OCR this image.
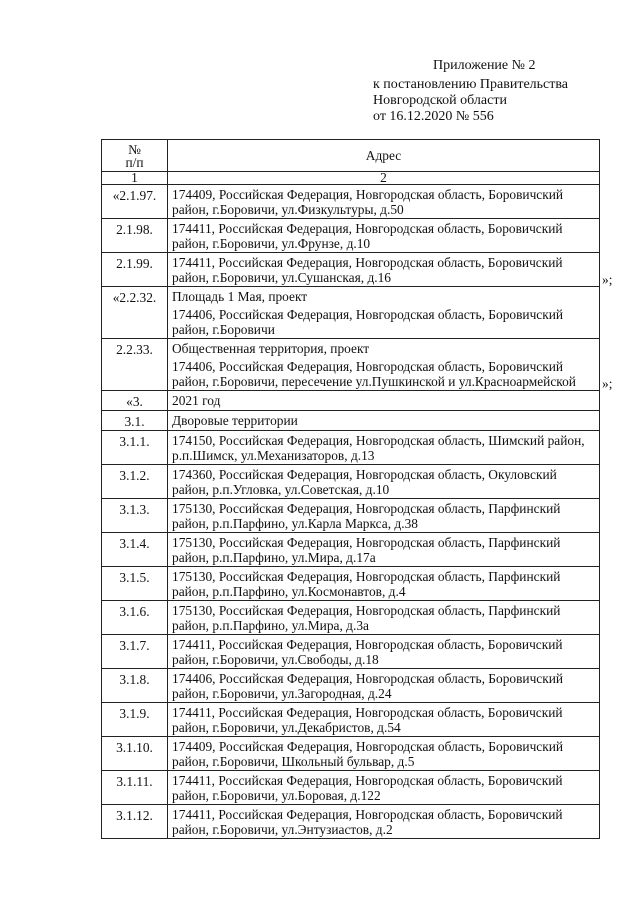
Приложение № 2
к постановлению Правительства
Новгородской области
от 16.12.2020 № 556
№
п/п	Адрес
1	2
«2.1.97.	174409, Российская Федерация, Новгородская область, Боровичский район, г.Боровичи, ул.Физкультуры, д.50

2.1.98.	174411, Российская Федерация, Новгородская область, Боровичский район, г.Боровичи, ул.Фрунзе, д.10

2.1.99.	174411, Российская Федерация, Новгородская область, Боровичский район, г.Боровичи, ул.Сушанская, д.16

«2.2.32.	Площадь 1 Мая, проект
174406, Российская Федерация, Новгородская область, Боровичский район, г.Боровичи

2.2.33.	Общественная территория, проект
174406, Российская Федерация, Новгородская область, Боровичский район, г.Боровичи, пересечение ул.Пушкинской и ул.Красноармейской

«3.	2021 год

3.1.	Дворовые территории

3.1.1.	174150, Российская Федерация, Новгородская область, Шимский район, р.п.Шимск, ул.Механизаторов, д.13

3.1.2.	174360, Российская Федерация, Новгородская область, Окуловский район, р.п.Угловка, ул.Советская, д.10

3.1.3.	175130, Российская Федерация, Новгородская область, Парфинский район, р.п.Парфино, ул.Карла Маркса, д.38

3.1.4.	175130, Российская Федерация, Новгородская область, Парфинский район, р.п.Парфино, ул.Мира, д.17а

3.1.5.	175130, Российская Федерация, Новгородская область, Парфинский район, р.п.Парфино, ул.Космонавтов, д.4

3.1.6.	175130, Российская Федерация, Новгородская область, Парфинский район, р.п.Парфино, ул.Мира, д.3а

3.1.7.	174411, Российская Федерация, Новгородская область, Боровичский район, г.Боровичи, ул.Свободы, д.18

3.1.8.	174406, Российская Федерация, Новгородская область, Боровичский район, г.Боровичи, ул.Загородная, д.24

3.1.9.	174411, Российская Федерация, Новгородская область, Боровичский район, г.Боровичи, ул.Декабристов, д.54

3.1.10.	174409, Российская Федерация, Новгородская область, Боровичский район, г.Боровичи, Школьный бульвар, д.5

3.1.11.	174411, Российская Федерация, Новгородская область, Боровичский район, г.Боровичи, ул.Боровая, д.122

3.1.12.	174411, Российская Федерация, Новгородская область, Боровичский район, г.Боровичи, ул.Энтузиастов, д.2
»;
»;
